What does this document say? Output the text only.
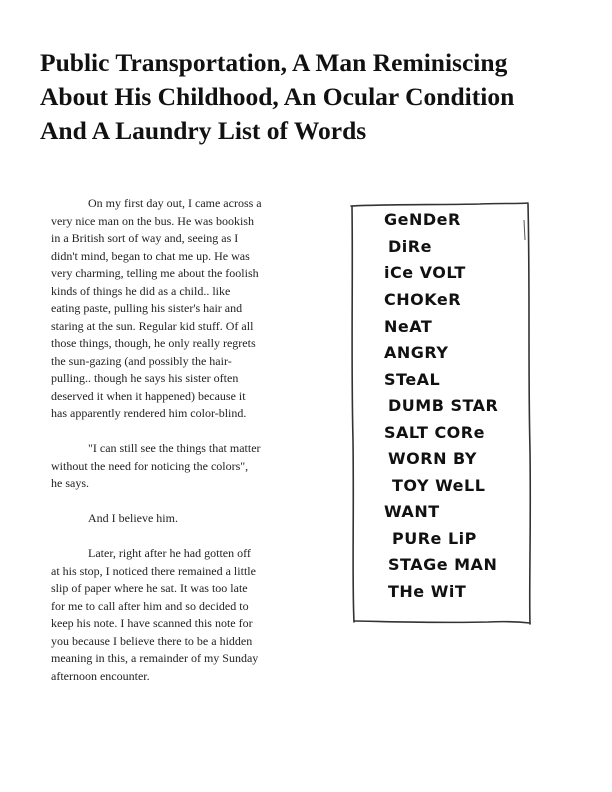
Public Transportation, A Man Reminiscing
About His Childhood, An Ocular Condition
And A Laundry List of Words

On my first day out, I came across a
very nice man on the bus. He was bookish
in a British sort of way and, seeing as I
didn't mind, began to chat me up. He was
very charming, telling me about the foolish
kinds of things he did as a child.. like
eating paste, pulling his sister's hair and
staring at the sun. Regular kid stuff. Of all
those things, though, he only really regrets
the sun-gazing (and possibly the hair-
pulling.. though he says his sister often
deserved it when it happened) because it
has apparently rendered him color-blind.

"I can still see the things that matter
without the need for noticing the colors",
he says.

And I believe him.

Later, right after he had gotten off
at his stop, I noticed there remained a little
slip of paper where he sat. It was too late
for me to call after him and so decided to
keep his note. I have scanned this note for
you because I believe there to be a hidden
meaning in this, a remainder of my Sunday
afternoon encounter.

GeNDeR
DiRe
iCe VOLT
CHOKeR
NeAT
ANGRY
STeAL
DUMB STAR
SALT CORe
WORN BY
TOY WeLL
WANT
PURe LiP
STAGe MAN
THe WiT
